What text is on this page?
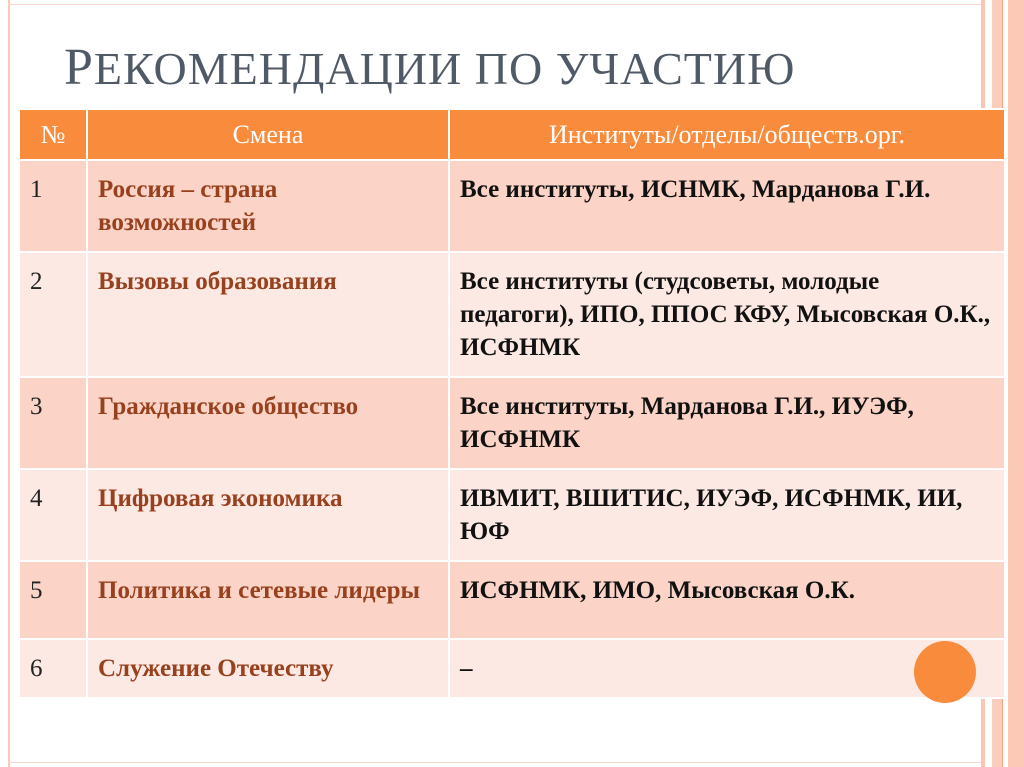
РЕКОМЕНДАЦИИ ПО УЧАСТИЮ
№	Смена	Институты/отделы/обществ.орг.
1	Россия – страна возможностей	Все институты, ИСНМК, Марданова Г.И.
2	Вызовы образования	Все институты (студсоветы, молодые педагоги), ИПО, ППОС КФУ, Мысовская О.К., ИСФНМК
3	Гражданское общество	Все институты, Марданова Г.И., ИУЭФ, ИСФНМК
4	Цифровая экономика	ИВМИТ, ВШИТИС, ИУЭФ, ИСФНМК, ИИ, ЮФ
5	Политика и сетевые лидеры	ИСФНМК, ИМО, Мысовская О.К.
6	Служение Отечеству	–
